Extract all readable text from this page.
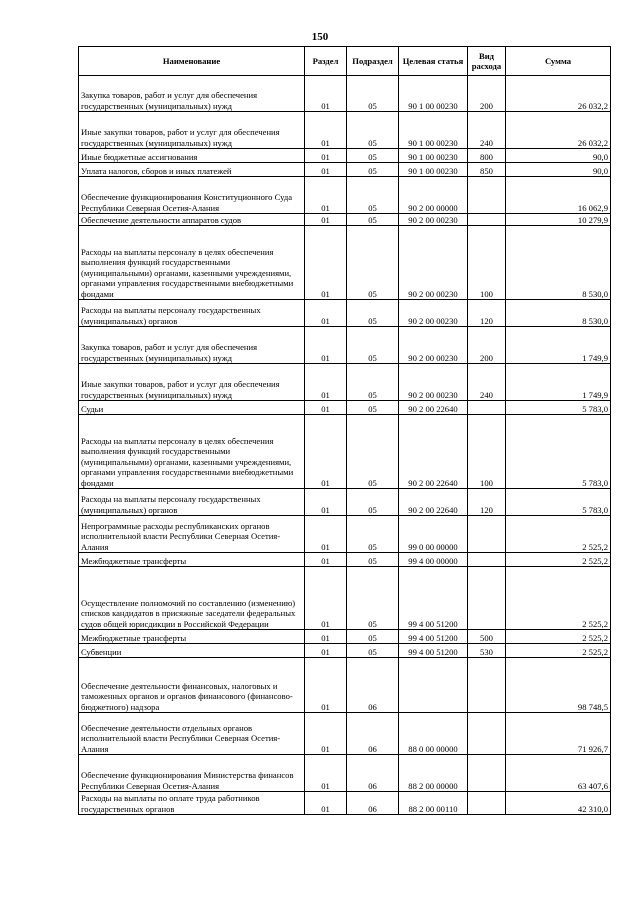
150
Наименование	Раздел	Подраздел	Целевая статья	Вид расхода	Сумма
Закупка товаров, работ и услуг для обеспечения государственных (муниципальных) нужд	01	05	90 1 00 00230	200	26 032,2
Иные закупки товаров, работ и услуг для обеспечения государственных (муниципальных) нужд	01	05	90 1 00 00230	240	26 032,2
Иные бюджетные ассигнования	01	05	90 1 00 00230	800	90,0
Уплата налогов, сборов и иных платежей	01	05	90 1 00 00230	850	90,0
Обеспечение функционирования Конституционного Суда Республики Северная Осетия-Алания	01	05	90 2 00 00000		16 062,9
Обеспечение деятельности аппаратов судов	01	05	90 2 00 00230		10 279,9
Расходы на выплаты персоналу в целях обеспечения выполнения функций государственными (муниципальными) органами, казенными учреждениями, органами управления государственными внебюджетными фондами	01	05	90 2 00 00230	100	8 530,0
Расходы на выплаты персоналу государственных (муниципальных) органов	01	05	90 2 00 00230	120	8 530,0
Закупка товаров, работ и услуг для обеспечения государственных (муниципальных) нужд	01	05	90 2 00 00230	200	1 749,9
Иные закупки товаров, работ и услуг для обеспечения государственных (муниципальных) нужд	01	05	90 2 00 00230	240	1 749,9
Судьи	01	05	90 2 00 22640		5 783,0
Расходы на выплаты персоналу в целях обеспечения выполнения функций государственными (муниципальными) органами, казенными учреждениями, органами управления государственными внебюджетными фондами	01	05	90 2 00 22640	100	5 783,0
Расходы на выплаты персоналу государственных (муниципальных) органов	01	05	90 2 00 22640	120	5 783,0
Непрограммные расходы республиканских органов исполнительной власти Республики Северная Осетия-Алания	01	05	99 0 00 00000		2 525,2
Межбюджетные трансферты	01	05	99 4 00 00000		2 525,2
Осуществление полномочий по составлению (изменению) списков кандидатов в присяжные заседатели федеральных судов общей юрисдикции в Российской Федерации	01	05	99 4 00 51200		2 525,2
Межбюджетные трансферты	01	05	99 4 00 51200	500	2 525,2
Субвенции	01	05	99 4 00 51200	530	2 525,2
Обеспечение деятельности финансовых, налоговых и таможенных органов и органов финансового (финансово-бюджетного) надзора	01	06			98 748,5
Обеспечение деятельности отдельных органов исполнительной власти Республики Северная Осетия-Алания	01	06	88 0 00 00000		71 926,7
Обеспечение функционирования Министерства финансов Республики Северная Осетия-Алания	01	06	88 2 00 00000		63 407,6
Расходы на выплаты по оплате труда работников государственных органов	01	06	88 2 00 00110		42 310,0
